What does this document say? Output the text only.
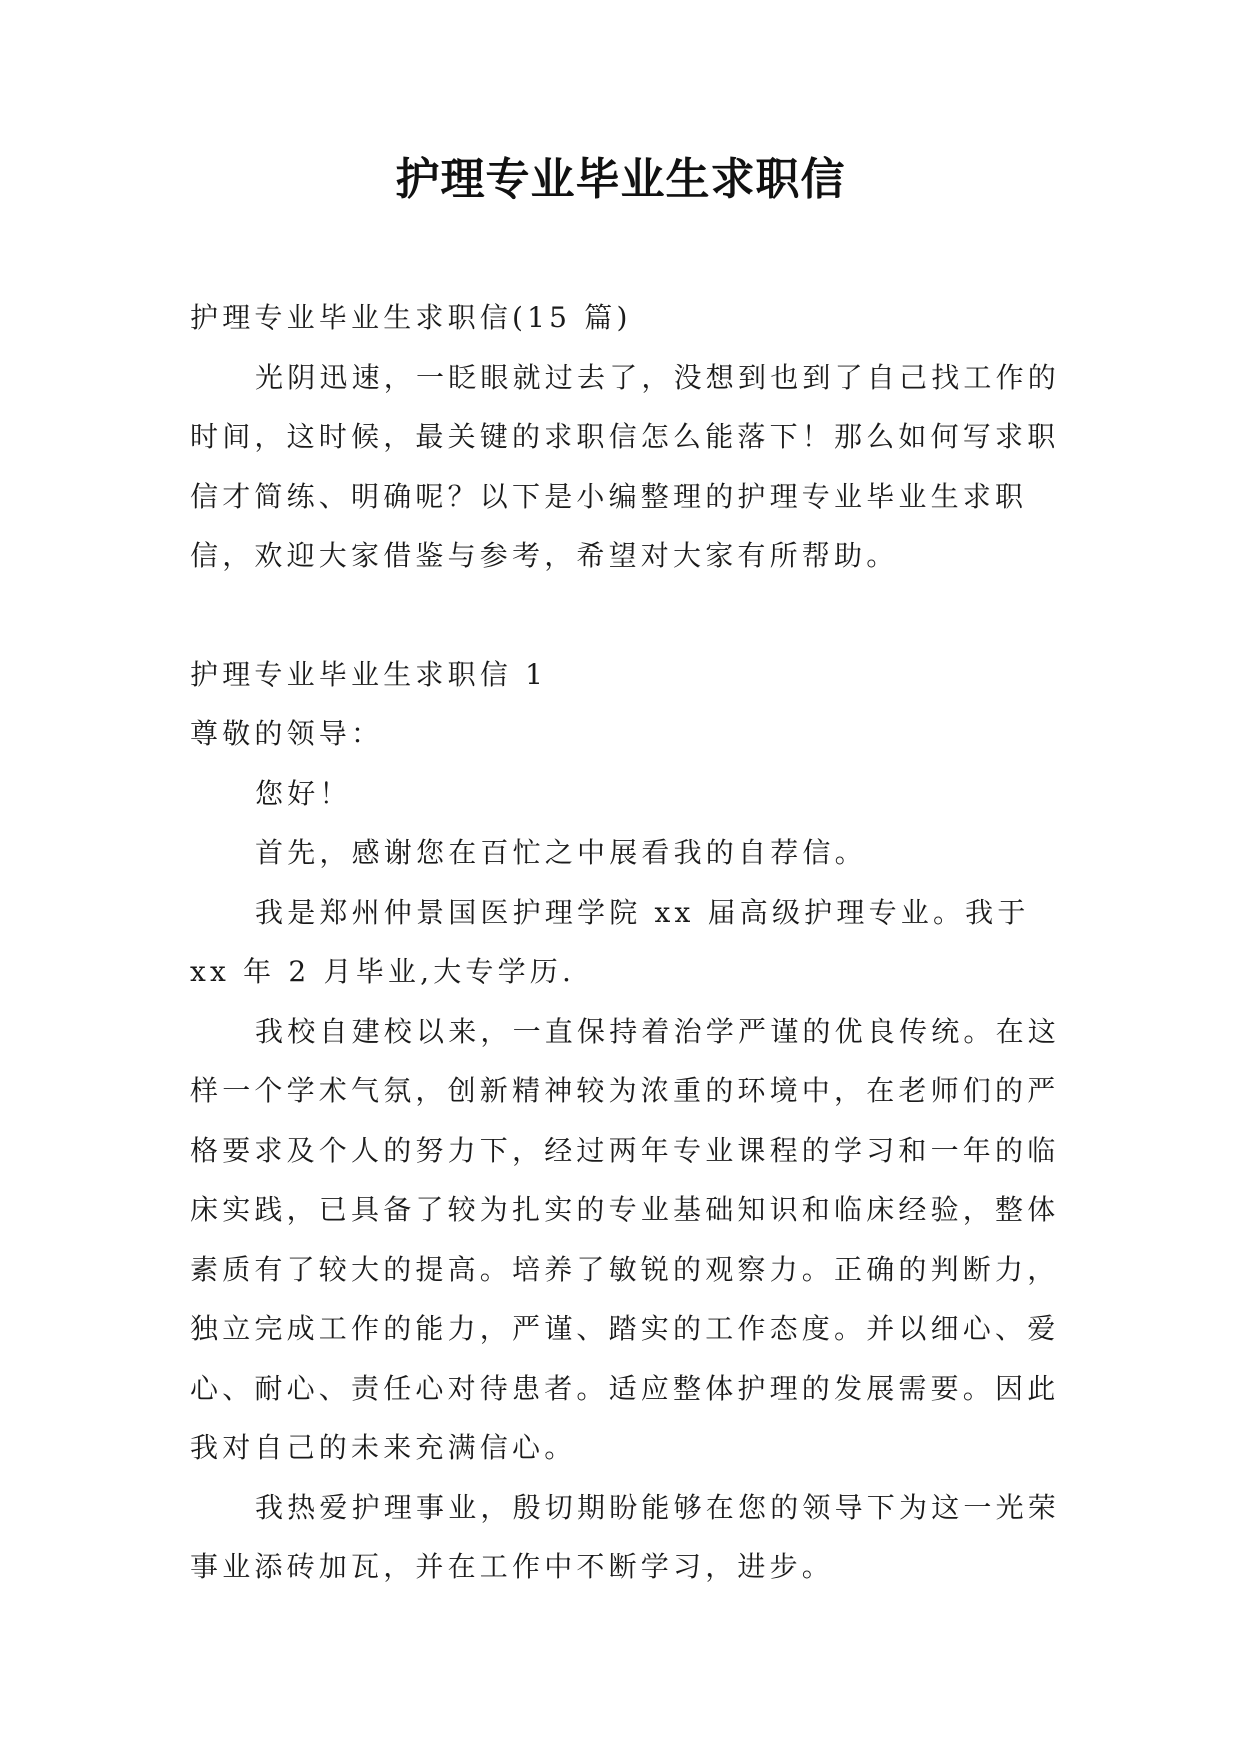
护理专业毕业生求职信

护理专业毕业生求职信(15 篇)

光阴迅速，一眨眼就过去了，没想到也到了自己找工作的时间，这时候，最关键的求职信怎么能落下！那么如何写求职信才简练、明确呢？以下是小编整理的护理专业毕业生求职信，欢迎大家借鉴与参考，希望对大家有所帮助。

护理专业毕业生求职信 1

尊敬的领导：

您好！

首先，感谢您在百忙之中展看我的自荐信。

我是郑州仲景国医护理学院 xx 届高级护理专业。我于 xx 年 2 月毕业,大专学历.

我校自建校以来，一直保持着治学严谨的优良传统。在这样一个学术气氛，创新精神较为浓重的环境中，在老师们的严格要求及个人的努力下，经过两年专业课程的学习和一年的临床实践，已具备了较为扎实的专业基础知识和临床经验，整体素质有了较大的提高。培养了敏锐的观察力。正确的判断力，独立完成工作的能力，严谨、踏实的工作态度。并以细心、爱心、耐心、责任心对待患者。适应整体护理的发展需要。因此我对自己的未来充满信心。

我热爱护理事业，殷切期盼能够在您的领导下为这一光荣事业添砖加瓦，并在工作中不断学习，进步。
